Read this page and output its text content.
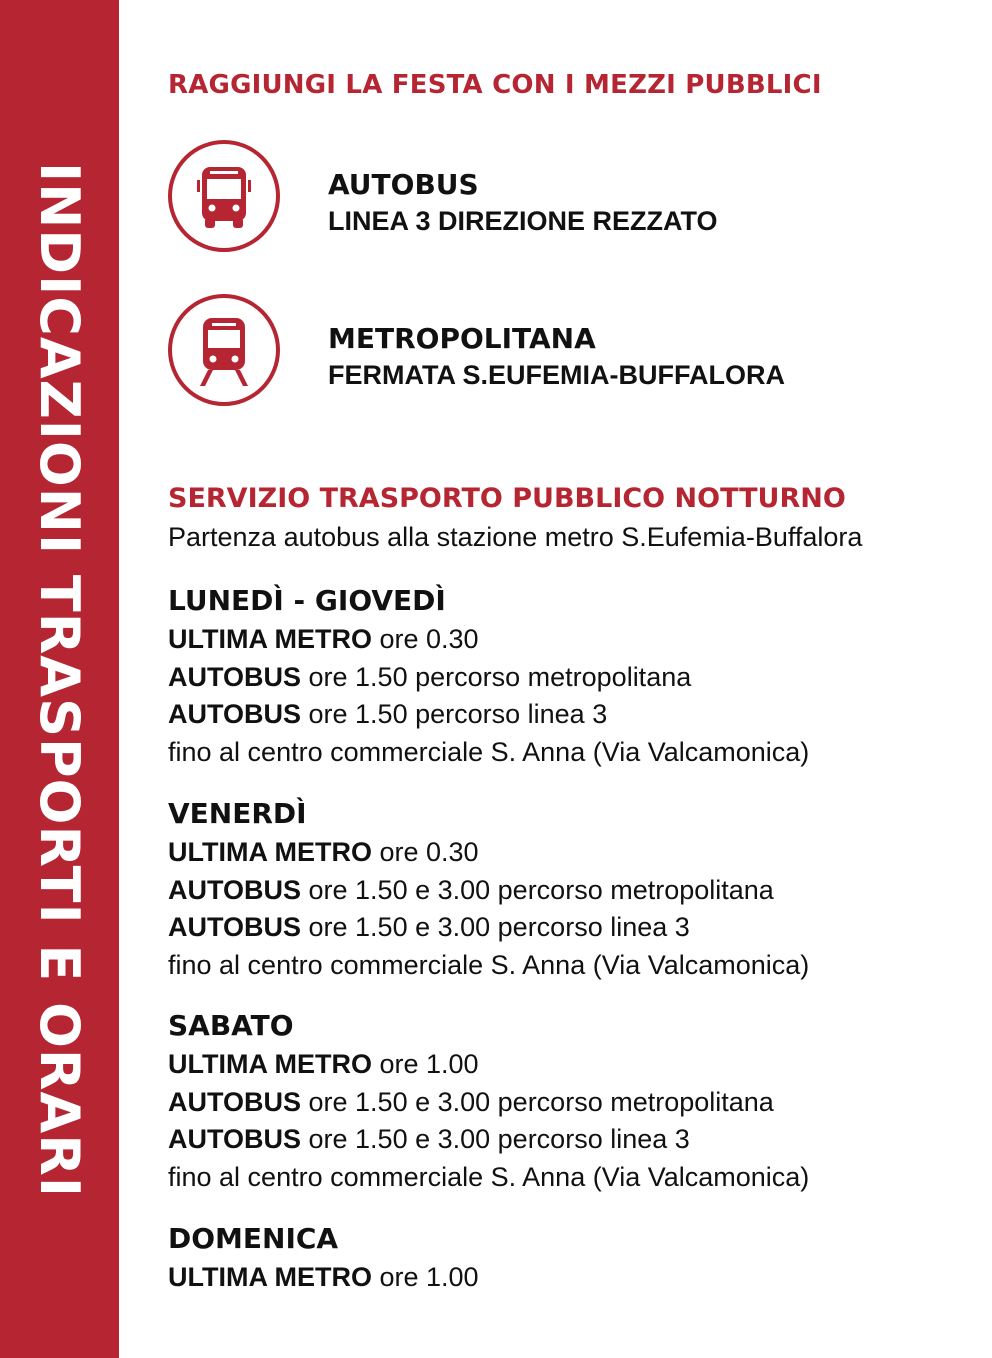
INDICAZIONI TRASPORTI E ORARI
RAGGIUNGI LA FESTA CON I MEZZI PUBBLICI
AUTOBUS
LINEA 3 DIREZIONE REZZATO
METROPOLITANA
FERMATA S.EUFEMIA-BUFFALORA
SERVIZIO TRASPORTO PUBBLICO NOTTURNO
Partenza autobus alla stazione metro S.Eufemia-Buffalora
LUNEDÌ - GIOVEDÌ
ULTIMA METRO ore 0.30
AUTOBUS ore 1.50 percorso metropolitana
AUTOBUS ore 1.50 percorso linea 3
fino al centro commerciale S. Anna (Via Valcamonica)
VENERDÌ
ULTIMA METRO ore 0.30
AUTOBUS ore 1.50 e 3.00 percorso metropolitana
AUTOBUS ore 1.50 e 3.00 percorso linea 3
fino al centro commerciale S. Anna (Via Valcamonica)
SABATO
ULTIMA METRO ore 1.00
AUTOBUS ore 1.50 e 3.00 percorso metropolitana
AUTOBUS ore 1.50 e 3.00 percorso linea 3
fino al centro commerciale S. Anna (Via Valcamonica)
DOMENICA
ULTIMA METRO ore 1.00
